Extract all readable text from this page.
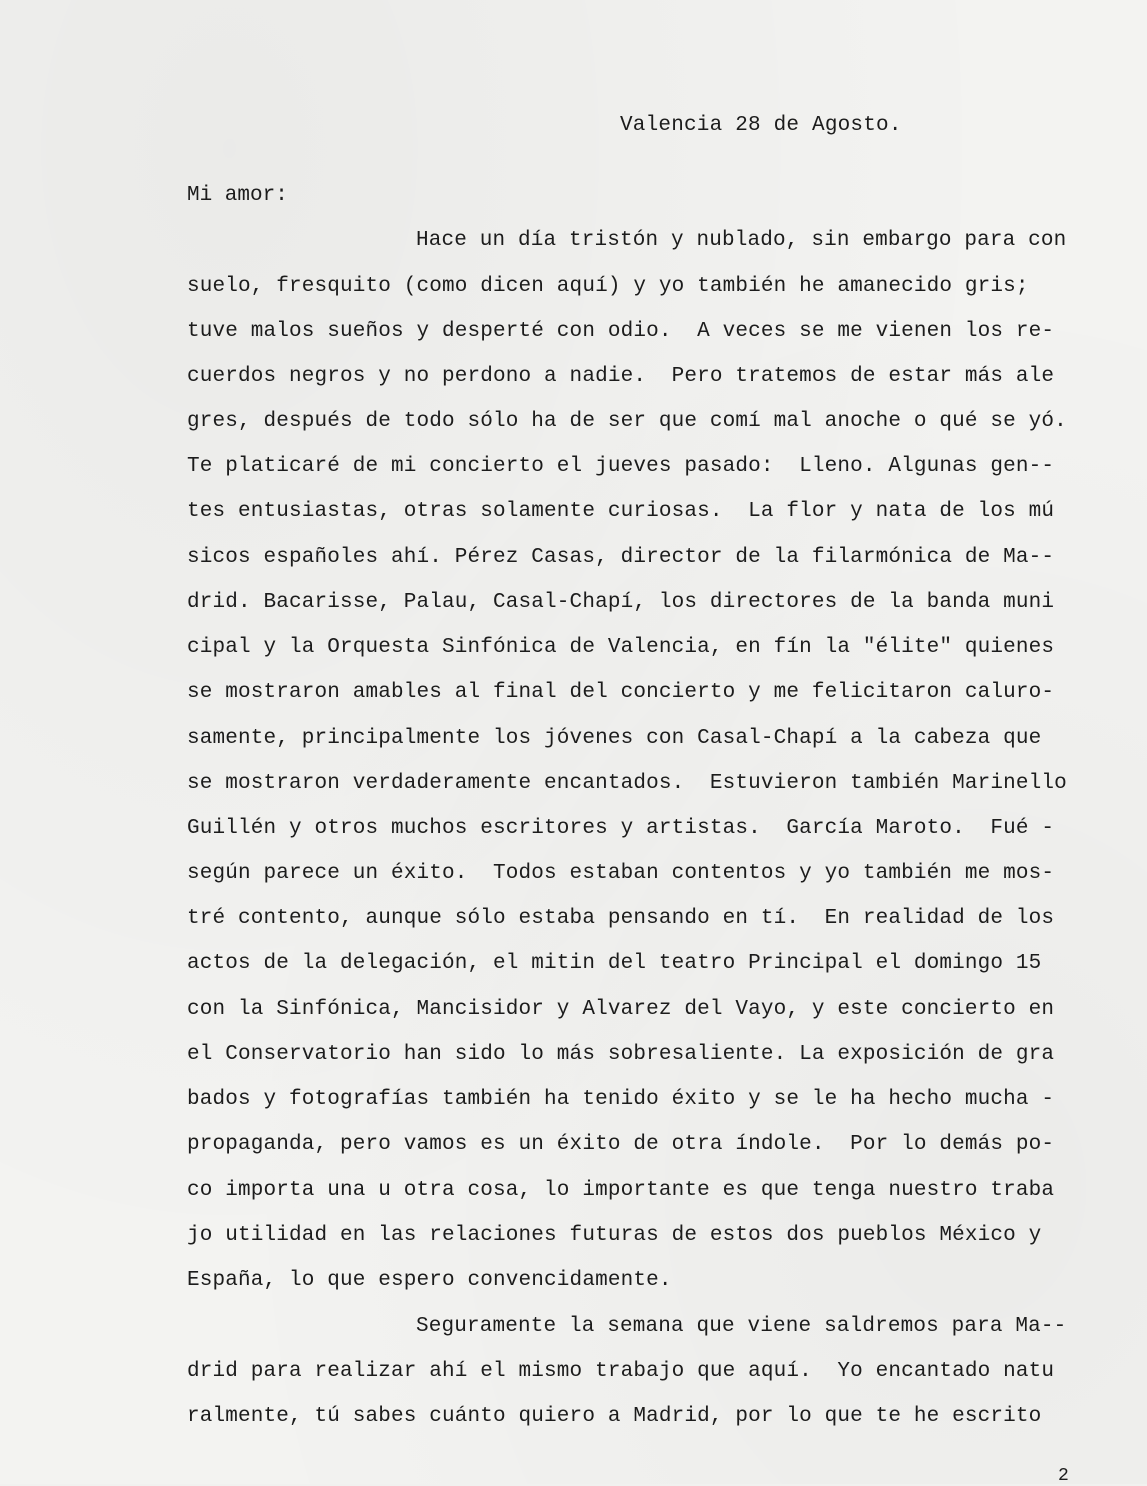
Valencia 28 de Agosto.
Mi amor:
Hace un día tristón y nublado, sin embargo para con
suelo, fresquito (como dicen aquí) y yo también he amanecido gris;
tuve malos sueños y desperté con odio.  A veces se me vienen los re-
cuerdos negros y no perdono a nadie.  Pero tratemos de estar más ale
gres, después de todo sólo ha de ser que comí mal anoche o qué se yó.
Te platicaré de mi concierto el jueves pasado:  Lleno. Algunas gen--
tes entusiastas, otras solamente curiosas.  La flor y nata de los mú
sicos españoles ahí. Pérez Casas, director de la filarmónica de Ma--
drid. Bacarisse, Palau, Casal-Chapí, los directores de la banda muni
cipal y la Orquesta Sinfónica de Valencia, en fín la "élite" quienes
se mostraron amables al final del concierto y me felicitaron caluro-
samente, principalmente los jóvenes con Casal-Chapí a la cabeza que
se mostraron verdaderamente encantados.  Estuvieron también Marinello
Guillén y otros muchos escritores y artistas.  García Maroto.  Fué -
según parece un éxito.  Todos estaban contentos y yo también me mos-
tré contento, aunque sólo estaba pensando en tí.  En realidad de los
actos de la delegación, el mitin del teatro Principal el domingo 15
con la Sinfónica, Mancisidor y Alvarez del Vayo, y este concierto en
el Conservatorio han sido lo más sobresaliente. La exposición de gra
bados y fotografías también ha tenido éxito y se le ha hecho mucha -
propaganda, pero vamos es un éxito de otra índole.  Por lo demás po-
co importa una u otra cosa, lo importante es que tenga nuestro traba
jo utilidad en las relaciones futuras de estos dos pueblos México y
España, lo que espero convencidamente.
Seguramente la semana que viene saldremos para Ma--
drid para realizar ahí el mismo trabajo que aquí.  Yo encantado natu
ralmente, tú sabes cuánto quiero a Madrid, por lo que te he escrito
2
